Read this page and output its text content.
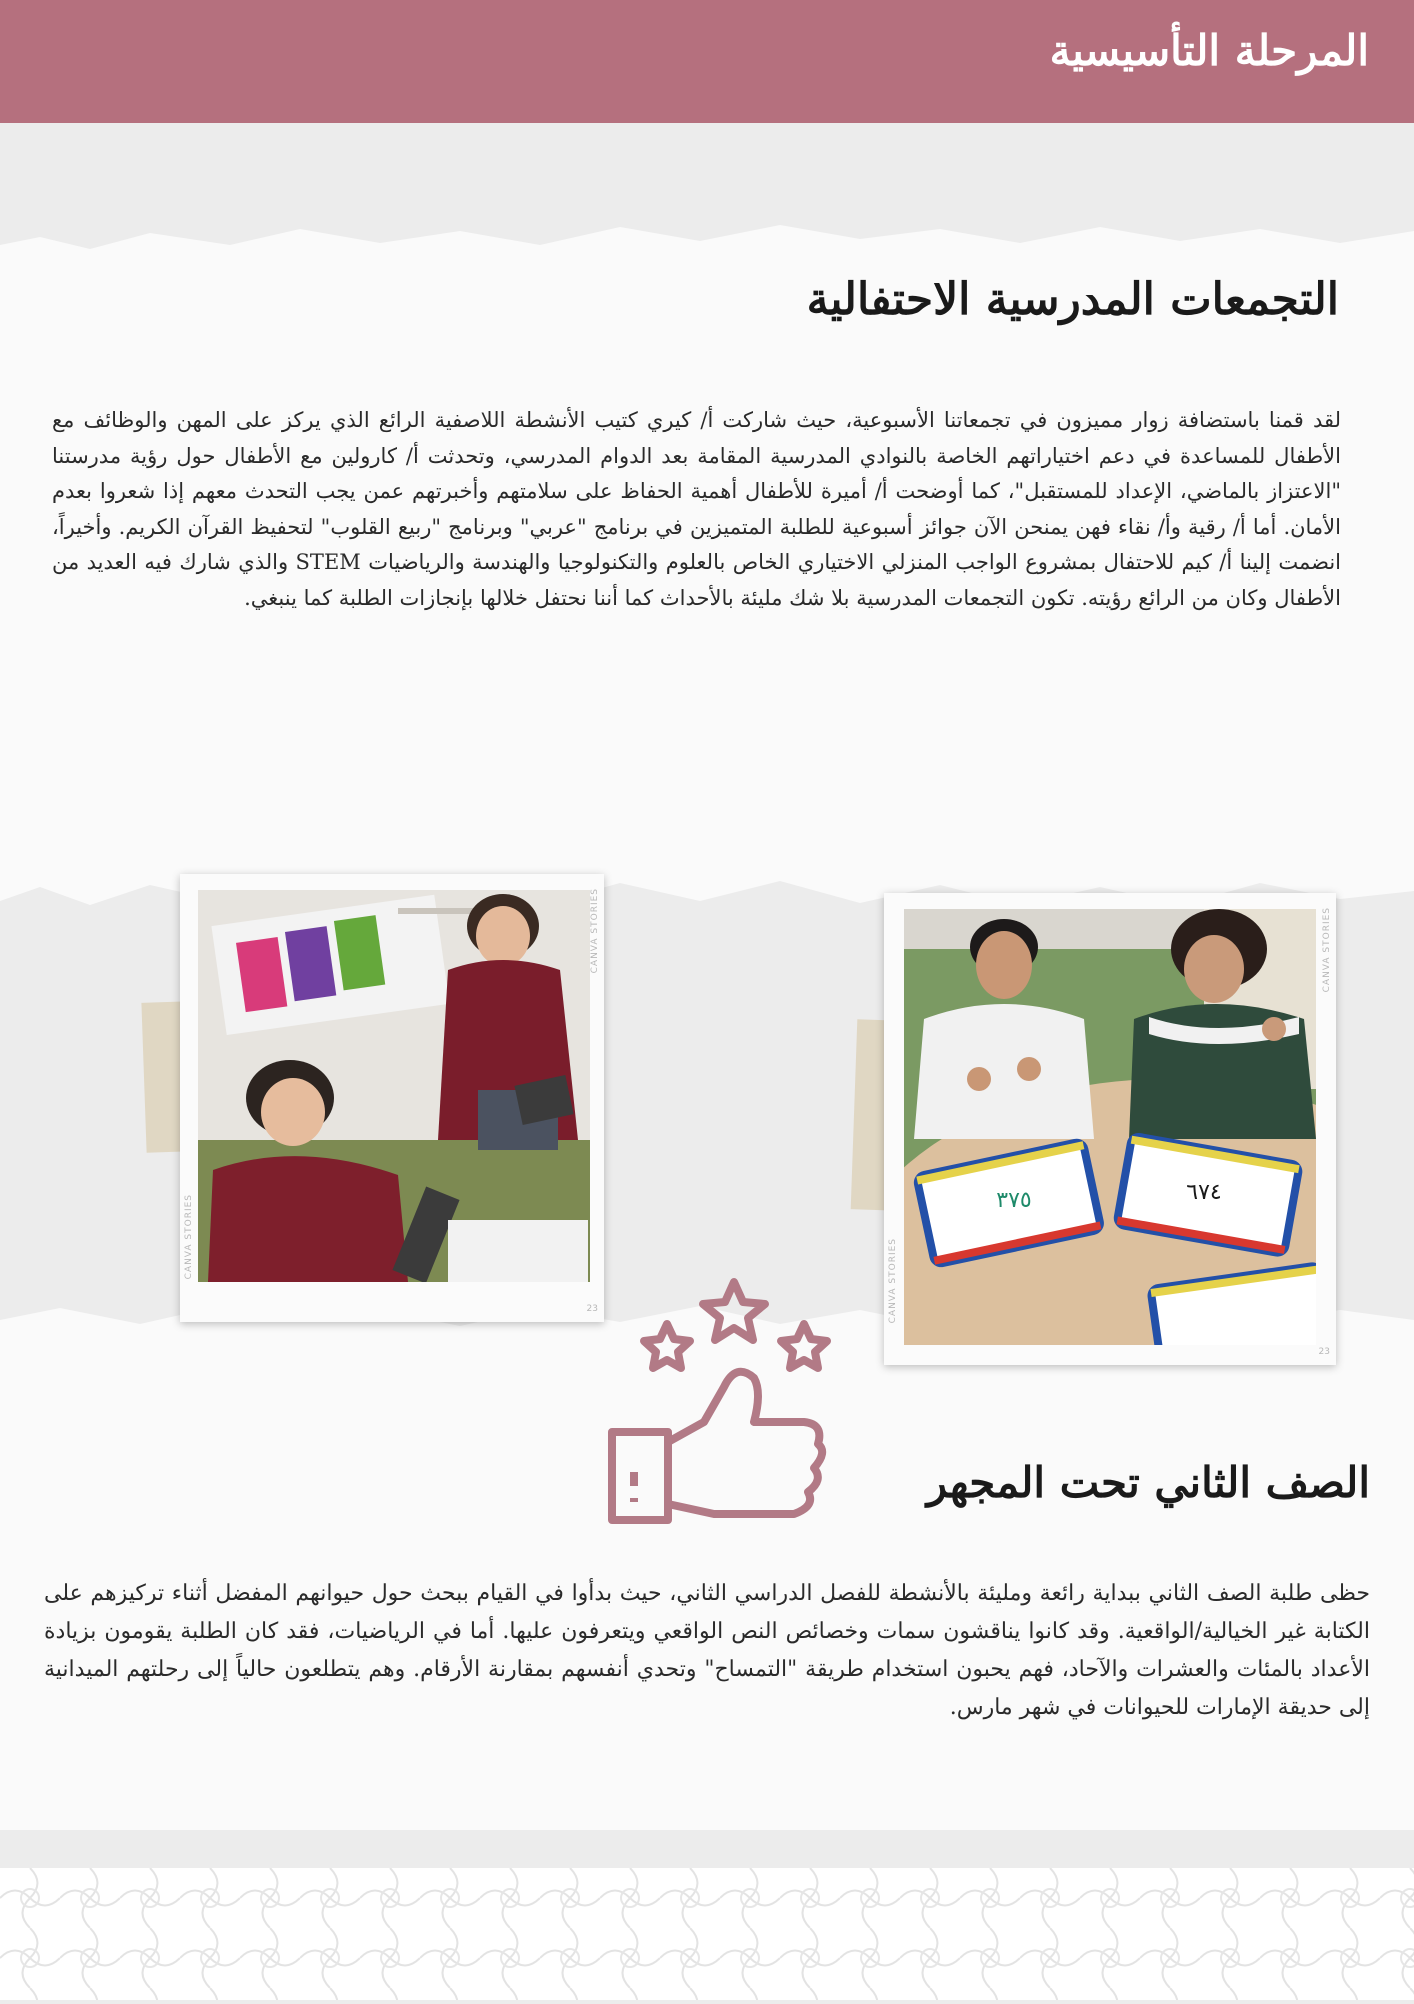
المرحلة التأسيسية
التجمعات المدرسية الاحتفالية

لقد قمنا باستضافة زوار مميزون في تجمعاتنا الأسبوعية، حيث شاركت أ/ كيري كتيب الأنشطة اللاصفية الرائع الذي يركز على المهن والوظائف مع الأطفال للمساعدة في دعم اختياراتهم الخاصة بالنوادي المدرسية المقامة بعد الدوام المدرسي، وتحدثت أ/ كارولين مع الأطفال حول رؤية مدرستنا "الاعتزاز بالماضي، الإعداد للمستقبل"، كما أوضحت أ/ أميرة للأطفال أهمية الحفاظ على سلامتهم وأخبرتهم عمن يجب التحدث معهم إذا شعروا بعدم الأمان. أما أ/ رقية وأ/ نقاء فهن يمنحن الآن جوائز أسبوعية للطلبة المتميزين في برنامج "عربي" وبرنامج "ربيع القلوب" لتحفيظ القرآن الكريم. وأخيراً، انضمت إلينا أ/ كيم للاحتفال بمشروع الواجب المنزلي الاختياري الخاص بالعلوم والتكنولوجيا والهندسة والرياضيات STEM والذي شارك فيه العديد من الأطفال وكان من الرائع رؤيته. تكون التجمعات المدرسية بلا شك مليئة بالأحداث كما أننا نحتفل خلالها بإنجازات الطلبة كما ينبغي.

CANVA STORIES
CANVA STORIES
23
٣٧٥	٦٧٤
CANVA STORIES
CANVA STORIES
23
الصف الثاني تحت المجهر

حظى طلبة الصف الثاني ببداية رائعة ومليئة بالأنشطة للفصل الدراسي الثاني، حيث بدأوا في القيام ببحث حول حيوانهم المفضل أثناء تركيزهم على الكتابة غير الخيالية/الواقعية. وقد كانوا يناقشون سمات وخصائص النص الواقعي ويتعرفون عليها. أما في الرياضيات، فقد كان الطلبة يقومون بزيادة الأعداد بالمئات والعشرات والآحاد، فهم يحبون استخدام طريقة "التمساح" وتحدي أنفسهم بمقارنة الأرقام. وهم يتطلعون حالياً إلى رحلتهم الميدانية إلى حديقة الإمارات للحيوانات في شهر مارس.
